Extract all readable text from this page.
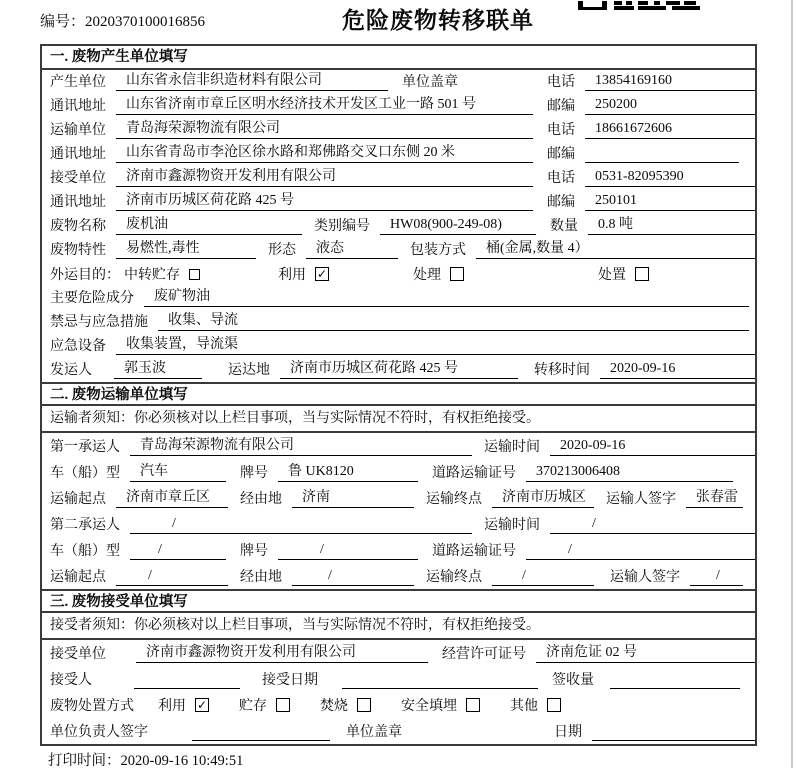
编号：2020370100016856	危险废物转移联单
一. 废物产生单位填写
产生单位	山东省永信非织造材料有限公司	单位盖章	电话	13854169160
通讯地址	山东省济南市章丘区明水经济技术开发区工业一路 501 号	邮编	250200
运输单位	青岛海荣源物流有限公司	电话	18661672606
通讯地址	山东省青岛市李沧区徐水路和郑佛路交叉口东侧 20 米	邮编
接受单位	济南市鑫源物资开发利用有限公司	电话	0531-82095390
通讯地址	济南市历城区荷花路 425 号	邮编	250101
废物名称	废机油	类别编号	HW08(900-249-08)	数量	0.8 吨
废物特性	易燃性,毒性	形态	液态	包装方式	桶(金属,数量 4）
外运目的： 中转贮存	利用 ✓	处理	处置
主要危险成分	废矿物油
禁忌与应急措施	收集、导流
应急设备	收集装置，导流渠
发运人	郭玉波	运达地	济南市历城区荷花路 425 号	转移时间	2020-09-16
二. 废物运输单位填写
运输者须知：你必须核对以上栏目事项，当与实际情况不符时，有权拒绝接受。
第一承运人	青岛海荣源物流有限公司	运输时间	2020-09-16
车（船）型	汽车	牌号	鲁 UK8120	道路运输证号	370213006408
运输起点	济南市章丘区	经由地	济南	运输终点	济南市历城区	运输人签字	张春雷
第二承运人	/	运输时间	/
车（船）型	/	牌号	/	道路运输证号	/
运输起点	/	经由地	/	运输终点	/	运输人签字	/
三. 废物接受单位填写
接受者须知：你必须核对以上栏目事项，当与实际情况不符时，有权拒绝接受。
接受单位	济南市鑫源物资开发利用有限公司	经营许可证号	济南危证 02 号
接受人	接受日期	签收量
废物处置方式 利用 ✓ 贮存	焚烧	安全填埋	其他
单位负责人签字	单位盖章	日期
打印时间：2020-09-16 10:49:51
